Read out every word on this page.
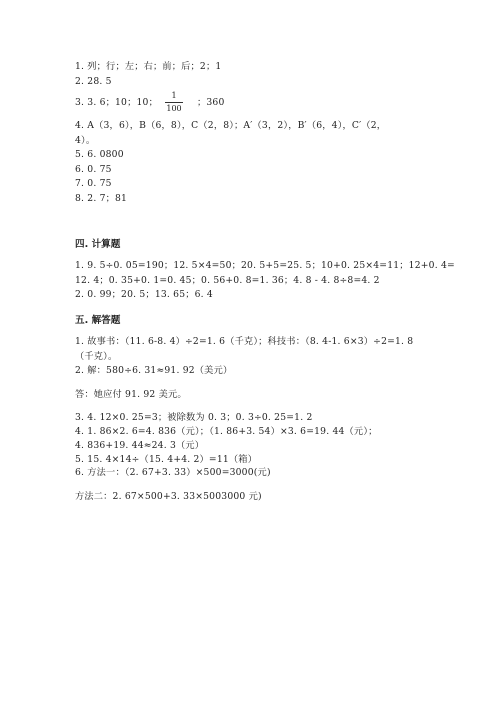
1. 列；行；左；右；前；后；2；1
2. 28. 5
3. 3. 6；10；10；
1
100
；360
4. A（3，6），B（6，8），C（2，8）；A′（3，2），B′（6，4），C′（2，
4）。
5. 6. 0800
6. 0. 75
7. 0. 75
8. 2. 7；81
四. 计算题
1. 9. 5÷0. 05=190；12. 5×4=50；20. 5+5=25. 5；10+0. 25×4=11；12+0. 4=
12. 4；0. 35+0. 1=0. 45；0. 56+0. 8=1. 36；4. 8 - 4. 8÷8=4. 2
2. 0. 99；20. 5；13. 65；6. 4
五. 解答题
1. 故事书：（11. 6-8. 4）÷2=1. 6（千克）；科技书：（8. 4-1. 6×3）÷2=1. 8
（千克）。
2. 解：580÷6. 31≈91. 92（美元）
答：她应付 91. 92 美元。
3. 4. 12×0. 25=3；被除数为 0. 3；0. 3÷0. 25=1. 2
4. 1. 86×2. 6=4. 836（元）；（1. 86+3. 54）×3. 6=19. 44（元）；
4. 836+19. 44≈24. 3（元）
5. 15. 4×14÷（15. 4+4. 2）=11（箱）
6. 方法一：（2. 67+3. 33）×500=3000(元)
方法二：2. 67×500+3. 33×5003000 元)
